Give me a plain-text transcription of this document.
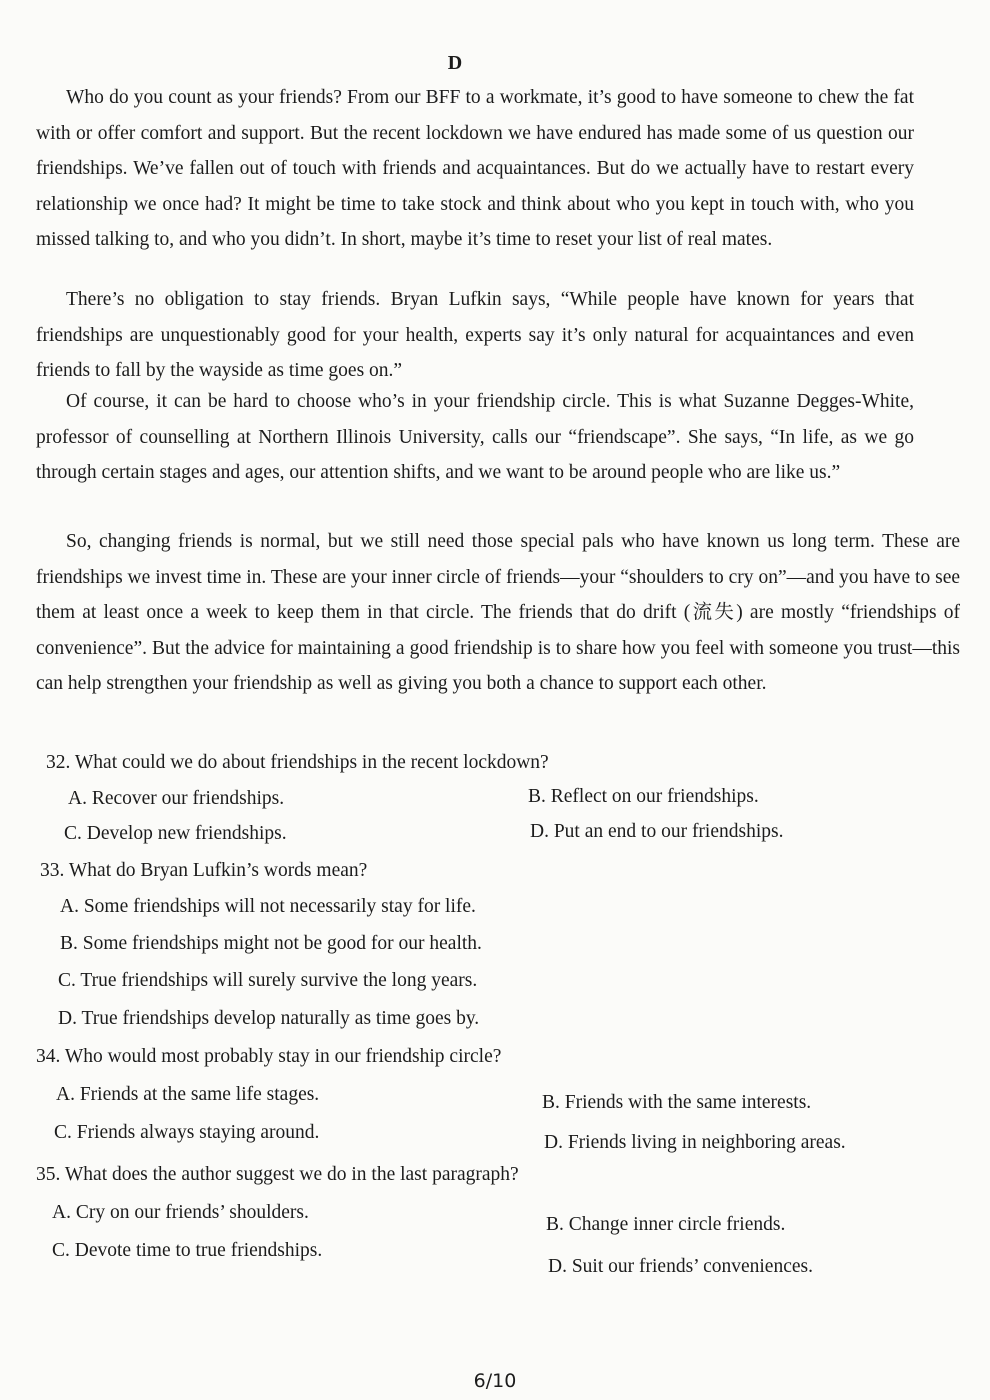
D

Who do you count as your friends? From our BFF to a workmate, it’s good to have someone to chew the fat with or offer comfort and support. But the recent lockdown we have endured has made some of us question our friendships. We’ve fallen out of touch with friends and acquaintances. But do we actually have to restart every relationship we once had? It might be time to take stock and think about who you kept in touch with, who you missed talking to, and who you didn’t. In short, maybe it’s time to reset your list of real mates.

There’s no obligation to stay friends. Bryan Lufkin says, “While people have known for years that friendships are unquestionably good for your health, experts say it’s only natural for acquaintances and even friends to fall by the wayside as time goes on.”

Of course, it can be hard to choose who’s in your friendship circle. This is what Suzanne Degges-White, professor of counselling at Northern Illinois University, calls our “friendscape”. She says, “In life, as we go through certain stages and ages, our attention shifts, and we want to be around people who are like us.”

So, changing friends is normal, but we still need those special pals who have known us long term. These are friendships we invest time in. These are your inner circle of friends—your “shoulders to cry on”—and you have to see them at least once a week to keep them in that circle. The friends that do drift (流失) are mostly “friendships of convenience”. But the advice for maintaining a good friendship is to share how you feel with someone you trust—this can help strengthen your friendship as well as giving you both a chance to support each other.

32. What could we do about friendships in the recent lockdown?
A. Recover our friendships.	B. Reflect on our friendships.
C. Develop new friendships.	D. Put an end to our friendships.
33. What do Bryan Lufkin’s words mean?
A. Some friendships will not necessarily stay for life.
B. Some friendships might not be good for our health.
C. True friendships will surely survive the long years.
D. True friendships develop naturally as time goes by.
34. Who would most probably stay in our friendship circle?
A. Friends at the same life stages.	B. Friends with the same interests.
C. Friends always staying around.	D. Friends living in neighboring areas.
35. What does the author suggest we do in the last paragraph?
A. Cry on our friends’ shoulders.
B. Change inner circle friends.
C. Devote time to true friendships.
D. Suit our friends’ conveniences.
6/10
